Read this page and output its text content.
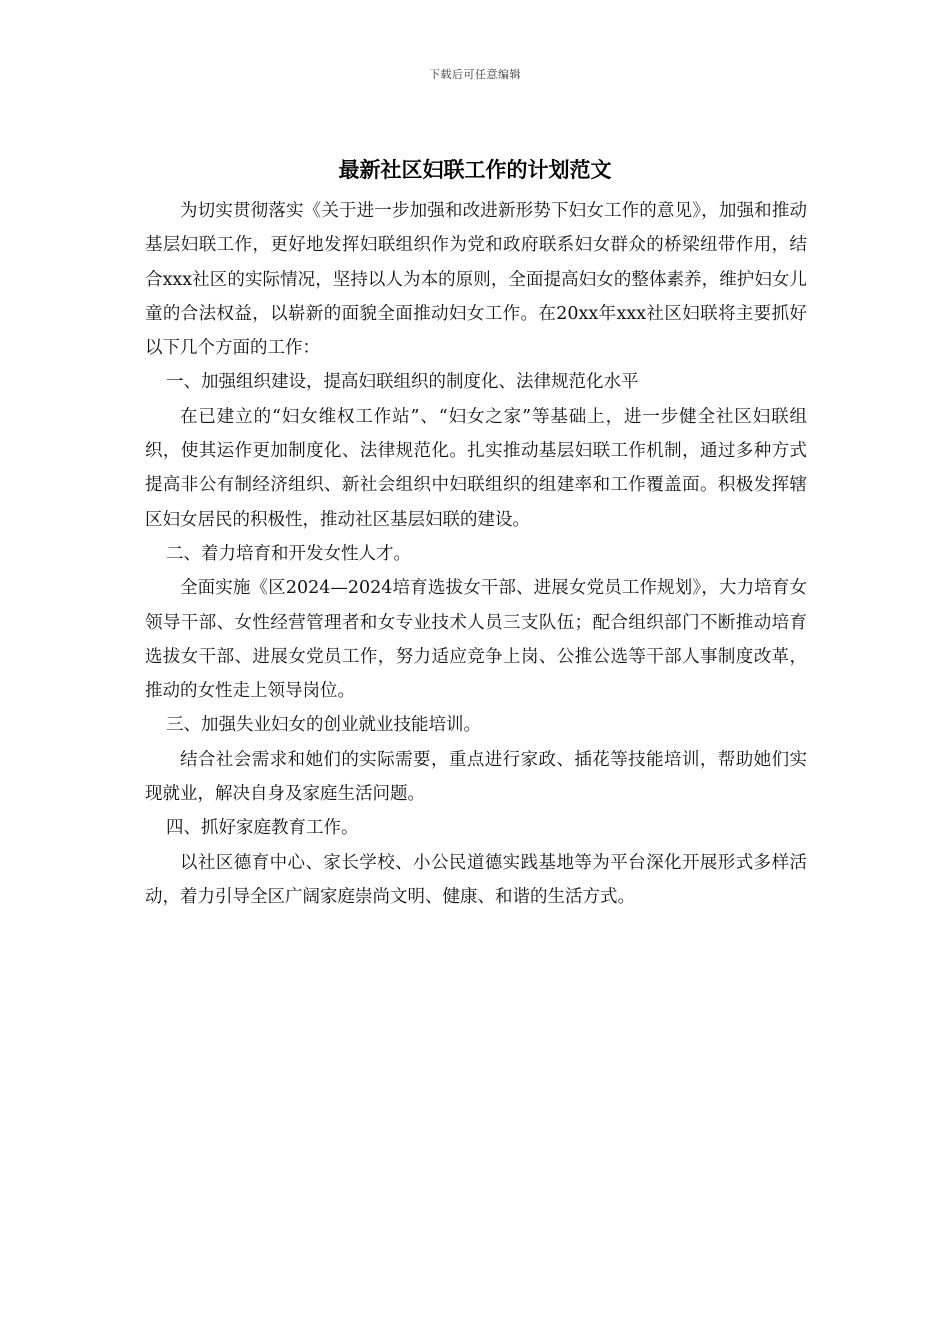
下载后可任意编辑
最新社区妇联工作的计划范文

为切实贯彻落实《关于进一步加强和改进新形势下妇女工作的意见》，加强和推动基层妇联工作，更好地发挥妇联组织作为党和政府联系妇女群众的桥梁纽带作用，结合xxx社区的实际情况，坚持以人为本的原则，全面提高妇女的整体素养，维护妇女儿童的合法权益，以崭新的面貌全面推动妇女工作。在20xx年xxx社区妇联将主要抓好以下几个方面的工作：

一、加强组织建设，提高妇联组织的制度化、法律规范化水平

在已建立的“妇女维权工作站”、“妇女之家”等基础上，进一步健全社区妇联组织，使其运作更加制度化、法律规范化。扎实推动基层妇联工作机制，通过多种方式提高非公有制经济组织、新社会组织中妇联组织的组建率和工作覆盖面。积极发挥辖区妇女居民的积极性，推动社区基层妇联的建设。

二、着力培育和开发女性人才。

全面实施《区2024—2024培育选拔女干部、进展女党员工作规划》，大力培育女领导干部、女性经营管理者和女专业技术人员三支队伍；配合组织部门不断推动培育选拔女干部、进展女党员工作，努力适应竞争上岗、公推公选等干部人事制度改革，推动的女性走上领导岗位。

三、加强失业妇女的创业就业技能培训。

结合社会需求和她们的实际需要，重点进行家政、插花等技能培训，帮助她们实现就业，解决自身及家庭生活问题。

四、抓好家庭教育工作。

以社区德育中心、家长学校、小公民道德实践基地等为平台深化开展形式多样活动，着力引导全区广阔家庭崇尚文明、健康、和谐的生活方式。
